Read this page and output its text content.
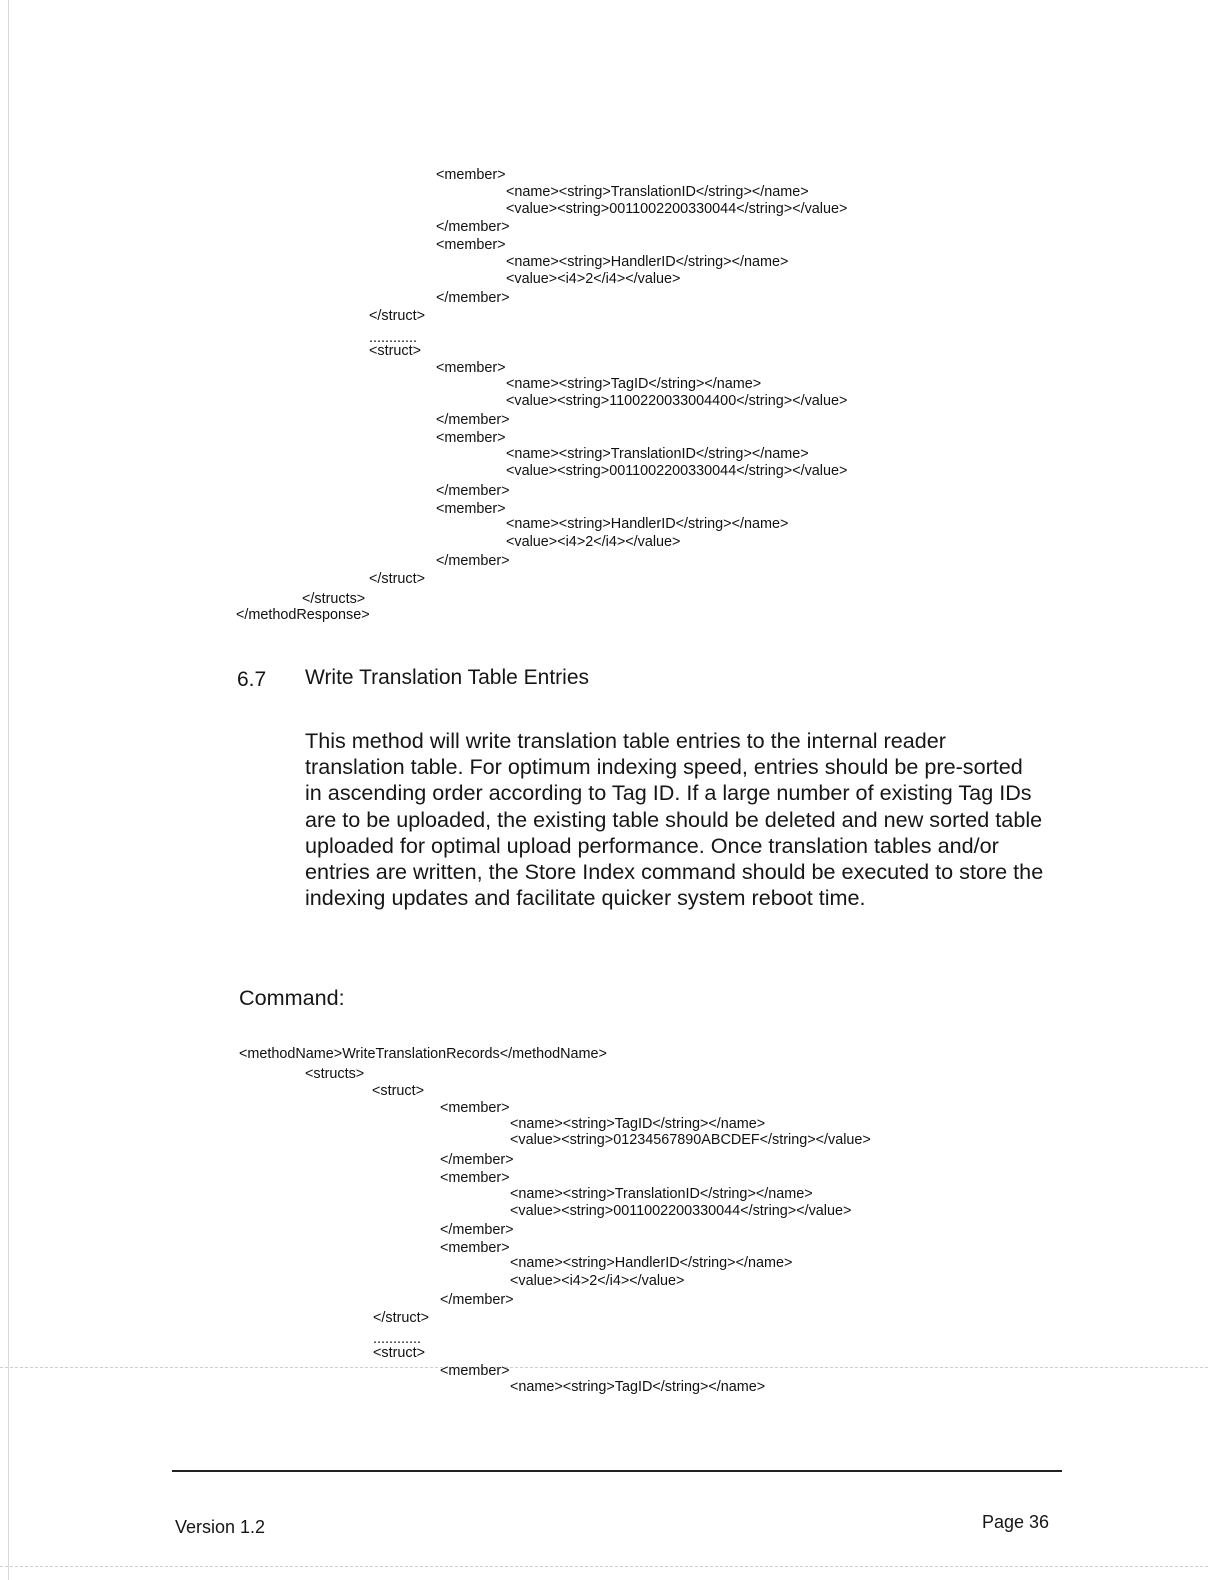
<member>
<name><string>TranslationID</string></name>
<value><string>0011002200330044</string></value>
</member>
<member>
<name><string>HandlerID</string></name>
<value><i4>2</i4></value>
</member>
</struct>
............
<struct>
<member>
<name><string>TagID</string></name>
<value><string>1100220033004400</string></value>
</member>
<member>
<name><string>TranslationID</string></name>
<value><string>0011002200330044</string></value>
</member>
<member>
<name><string>HandlerID</string></name>
<value><i4>2</i4></value>
</member>
</struct>
</structs>
</methodResponse>
6.7 Write Translation Table Entries

This method will write translation table entries to the internal reader translation table. For optimum indexing speed, entries should be pre-sorted in ascending order according to Tag ID. If a large number of existing Tag IDs are to be uploaded, the existing table should be deleted and new sorted table uploaded for optimal upload performance. Once translation tables and/or entries are written, the Store Index command should be executed to store the indexing updates and facilitate quicker system reboot time.

Command:
<methodName>WriteTranslationRecords</methodName>
<structs>
<struct>
<member>
<name><string>TagID</string></name>
<value><string>01234567890ABCDEF</string></value>
</member>
<member>
<name><string>TranslationID</string></name>
<value><string>0011002200330044</string></value>
</member>
<member>
<name><string>HandlerID</string></name>
<value><i4>2</i4></value>
</member>
</struct>
............
<struct>
<member>
<name><string>TagID</string></name>
Version 1.2	Page 36
